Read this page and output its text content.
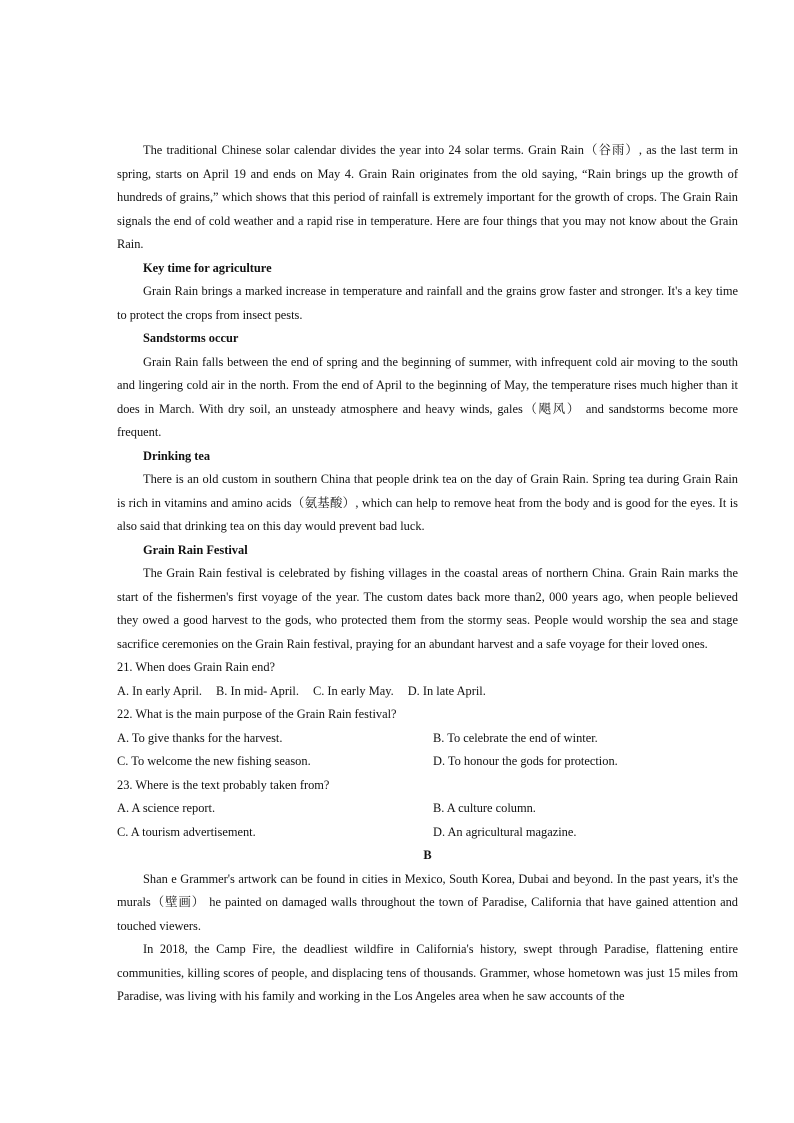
The traditional Chinese solar calendar divides the year into 24 solar terms. Grain Rain（谷雨）, as the last term in spring, starts on April 19 and ends on May 4. Grain Rain originates from the old saying, “Rain brings up the growth of hundreds of grains,” which shows that this period of rainfall is extremely important for the growth of crops. The Grain Rain signals the end of cold weather and a rapid rise in temperature. Here are four things that you may not know about the Grain Rain.

Key time for agriculture

Grain Rain brings a marked increase in temperature and rainfall and the grains grow faster and stronger. It's a key time to protect the crops from insect pests.

Sandstorms occur

Grain Rain falls between the end of spring and the beginning of summer, with infrequent cold air moving to the south and lingering cold air in the north. From the end of April to the beginning of May, the temperature rises much higher than it does in March. With dry soil, an unsteady atmosphere and heavy winds, gales（飓风） and sandstorms become more frequent.

Drinking tea

There is an old custom in southern China that people drink tea on the day of Grain Rain. Spring tea during Grain Rain is rich in vitamins and amino acids（氨基酸）, which can help to remove heat from the body and is good for the eyes. It is also said that drinking tea on this day would prevent bad luck.

Grain Rain Festival

The Grain Rain festival is celebrated by fishing villages in the coastal areas of northern China. Grain Rain marks the start of the fishermen's first voyage of the year. The custom dates back more than2, 000 years ago, when people believed they owed a good harvest to the gods, who protected them from the stormy seas. People would worship the sea and stage sacrifice ceremonies on the Grain Rain festival, praying for an abundant harvest and a safe voyage for their loved ones.

21. When does Grain Rain end?

A. In early April. B. In mid- April. C. In early May. D. In late April.

22. What is the main purpose of the Grain Rain festival?

A. To give thanks for the harvest.	B. To celebrate the end of winter.
C. To welcome the new fishing season.	D. To honour the gods for protection.

23. Where is the text probably taken from?

A. A science report.	B. A culture column.
C. A tourism advertisement.	D. An agricultural magazine.

B

Shan e Grammer's artwork can be found in cities in Mexico, South Korea, Dubai and beyond. In the past years, it's the murals（壁画） he painted on damaged walls throughout the town of Paradise, California that have gained attention and touched viewers.

In 2018, the Camp Fire, the deadliest wildfire in California's history, swept through Paradise, flattening entire communities, killing scores of people, and displacing tens of thousands. Grammer, whose hometown was just 15 miles from Paradise, was living with his family and working in the Los Angeles area when he saw accounts of the
